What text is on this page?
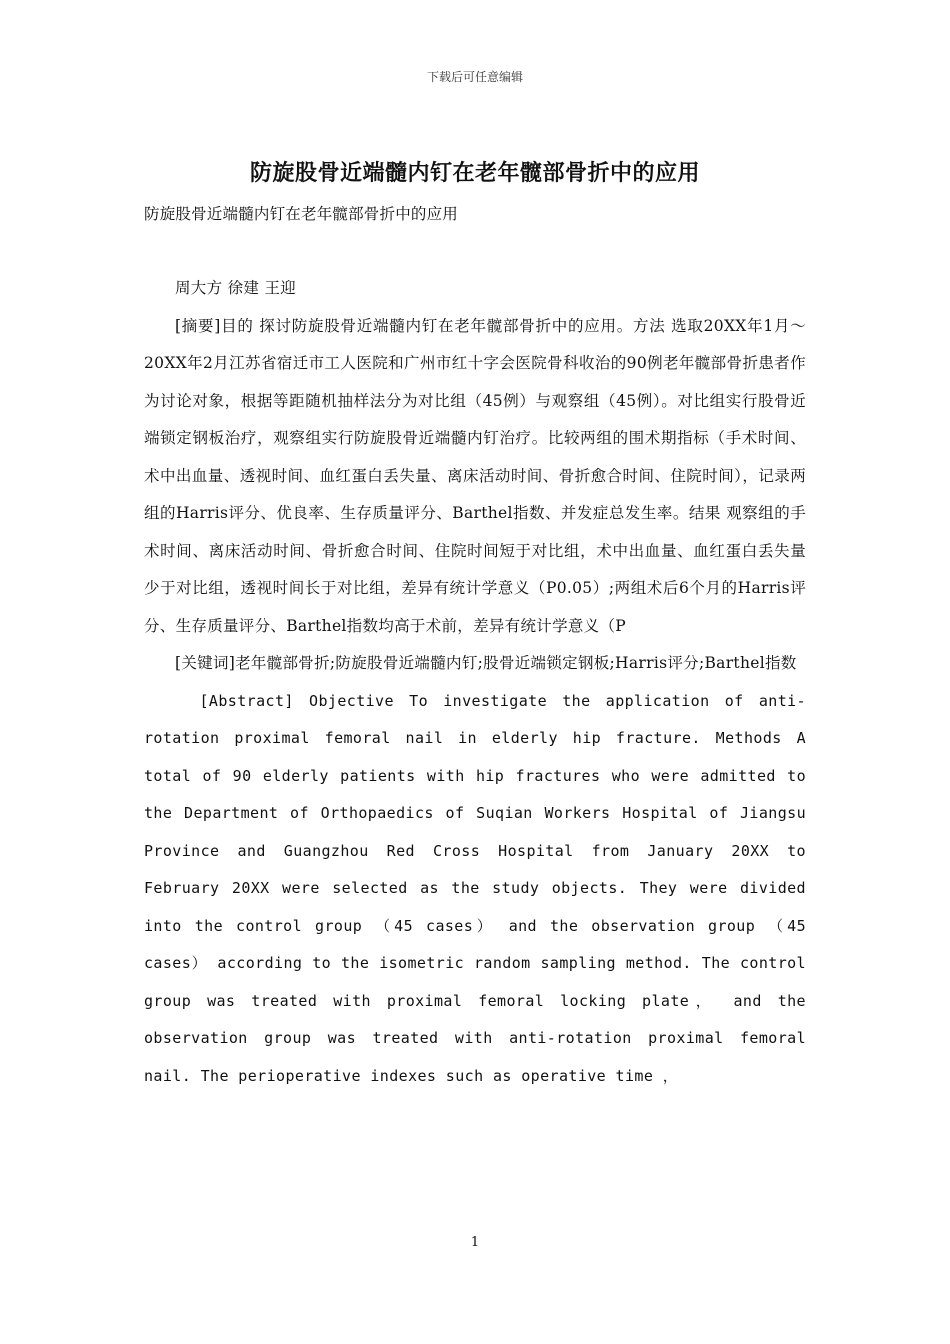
下载后可任意编辑
防旋股骨近端髓内钉在老年髋部骨折中的应用
防旋股骨近端髓内钉在老年髋部骨折中的应用

周大方 徐建 王迎

[摘要]目的 探讨防旋股骨近端髓内钉在老年髋部骨折中的应用。方法 选取20XX年1月～20XX年2月江苏省宿迁市工人医院和广州市红十字会医院骨科收治的90例老年髋部骨折患者作为讨论对象，根据等距随机抽样法分为对比组（45例）与观察组（45例）。对比组实行股骨近端锁定钢板治疗，观察组实行防旋股骨近端髓内钉治疗。比较两组的围术期指标（手术时间、术中出血量、透视时间、血红蛋白丢失量、离床活动时间、骨折愈合时间、住院时间），记录两组的Harris评分、优良率、生存质量评分、Barthel指数、并发症总发生率。结果 观察组的手术时间、离床活动时间、骨折愈合时间、住院时间短于对比组，术中出血量、血红蛋白丢失量少于对比组，透视时间长于对比组，差异有统计学意义（P0.05）;两组术后6个月的Harris评分、生存质量评分、Barthel指数均高于术前，差异有统计学意义（P

[关键词]老年髋部骨折;防旋股骨近端髓内钉;股骨近端锁定钢板;Harris评分;Barthel指数

[Abstract] Objective To investigate the application of anti-rotation proximal femoral nail in elderly hip fracture. Methods A total of 90 elderly patients with hip fractures who were admitted to the Department of Orthopaedics of Suqian Workers Hospital of Jiangsu Province and Guangzhou Red Cross Hospital from January 20XX to February 20XX were selected as the study objects. They were divided into the control group （45 cases） and the observation group （45 cases） according to the isometric random sampling method. The control group was treated with proximal femoral locking plate， and the observation group was treated with anti-rotation proximal femoral nail. The perioperative indexes such as operative time ，

1
